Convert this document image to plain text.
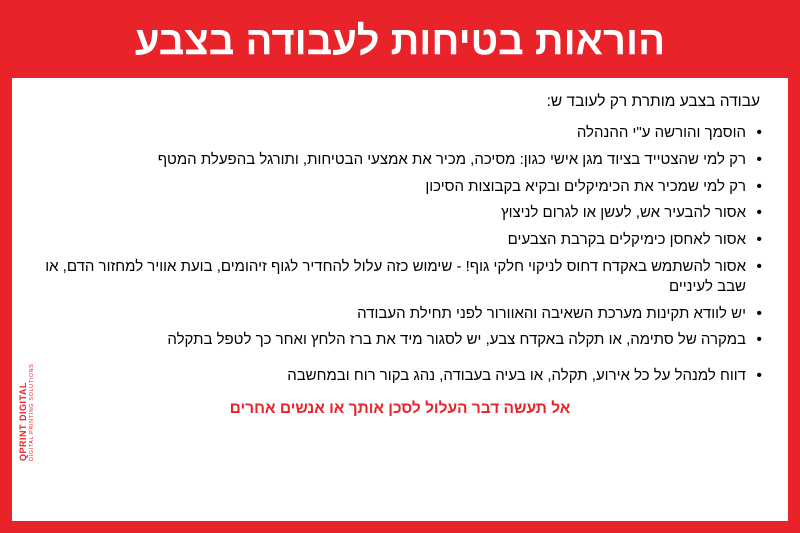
הוראות בטיחות לעבודה בצבע

עבודה בצבע מותרת רק לעובד ש:

• הוסמך והורשה ע"י ההנהלה
• רק למי שהצטייד בציוד מגן אישי כגון: מסיכה, מכיר את אמצעי הבטיחות, ותורגל בהפעלת המטף
• רק למי שמכיר את הכימיקלים ובקיא בקבוצות הסיכון
• אסור להבעיר אש, לעשן או לגרום לניצוץ
• אסור לאחסן כימיקלים בקרבת הצבעים
• אסור להשתמש באקדח דחוס לניקוי חלקי גוף! - שימוש כזה עלול להחדיר לגוף זיהומים, בועת אוויר למחזור הדם, או שבב לעיניים
• יש לוודא תקינות מערכת השאיבה והאוורור לפני תחילת העבודה
• במקרה של סתימה, או תקלה באקדח צבע, יש לסגור מיד את ברז הלחץ ואחר כך לטפל בתקלה
• דווח למנהל על כל אירוע, תקלה, או בעיה בעבודה, נהג בקור רוח ובמחשבה
אל תעשה דבר העלול לסכן אותך או אנשים אחרים
QPRINT DIGITAL DIGITAL PRINTING SOLUTIONS
